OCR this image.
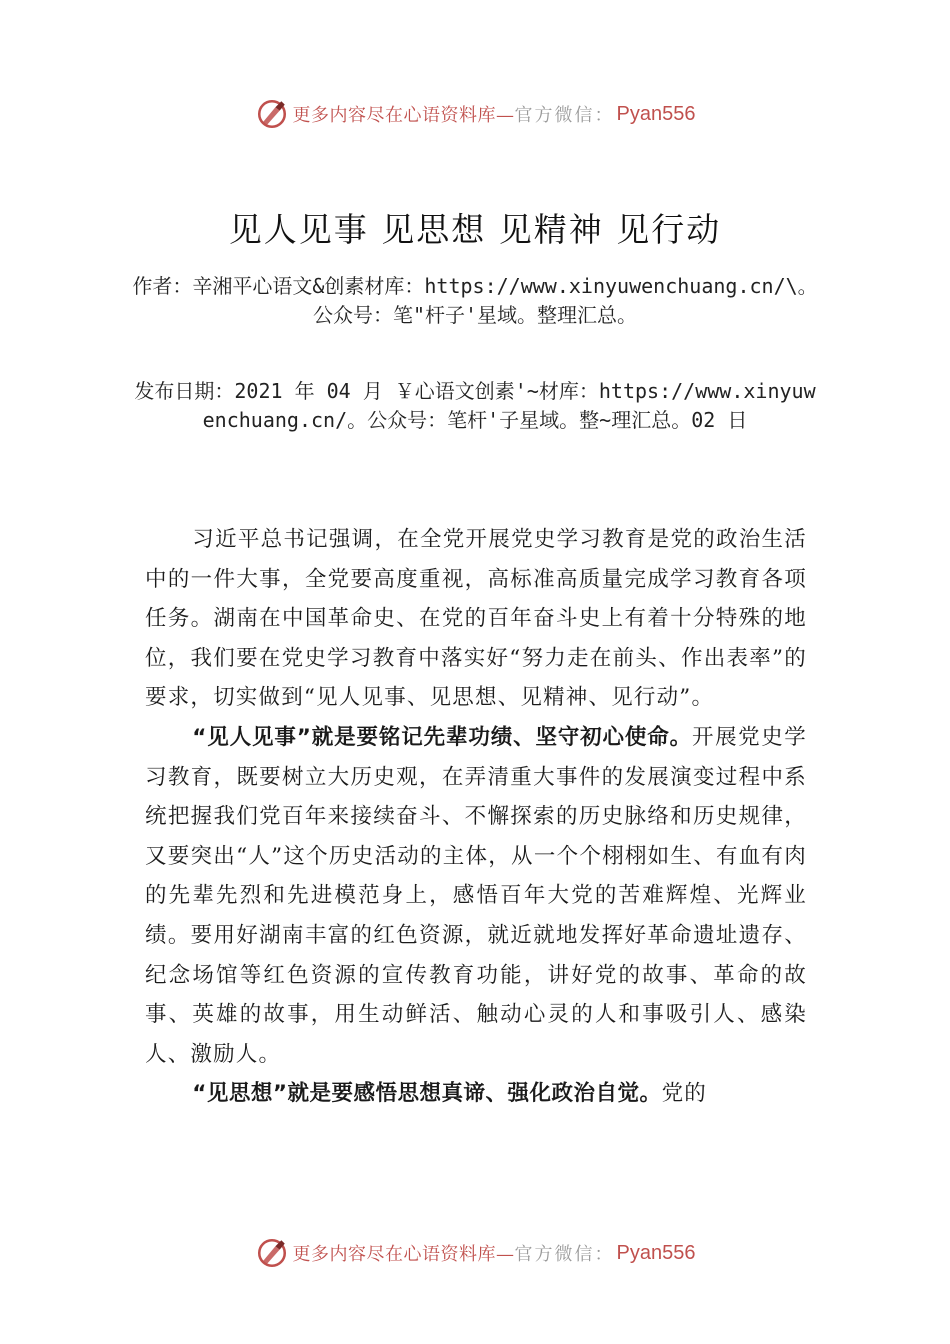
更多内容尽在心语资料库— 官方微信： Pyan556
见人见事 见思想 见精神 见行动
作者：辛湘平心语文&创素材库：https://www.xinyuwenchuang.cn/\。公众号：笔"杆子'星域。整理汇总。
发布日期：2021 年 04 月 ￥心语文创素'~材库：https://www.xinyuwenchuang.cn/。公众号：笔杆'子星域。整~理汇总。02 日

习近平总书记强调，在全党开展党史学习教育是党的政治生活中的一件大事，全党要高度重视，高标准高质量完成学习教育各项任务。湖南在中国革命史、在党的百年奋斗史上有着十分特殊的地位，我们要在党史学习教育中落实好“努力走在前头、作出表率”的要求，切实做到“见人见事、见思想、见精神、见行动”。

“见人见事”就是要铭记先辈功绩、坚守初心使命。开展党史学习教育，既要树立大历史观，在弄清重大事件的发展演变过程中系统把握我们党百年来接续奋斗、不懈探索的历史脉络和历史规律，又要突出“人”这个历史活动的主体，从一个个栩栩如生、有血有肉的先辈先烈和先进模范身上，感悟百年大党的苦难辉煌、光辉业绩。要用好湖南丰富的红色资源，就近就地发挥好革命遗址遗存、纪念场馆等红色资源的宣传教育功能，讲好党的故事、革命的故事、英雄的故事，用生动鲜活、触动心灵的人和事吸引人、感染人、激励人。

“见思想”就是要感悟思想真谛、强化政治自觉。党的

更多内容尽在心语资料库— 官方微信： Pyan556
